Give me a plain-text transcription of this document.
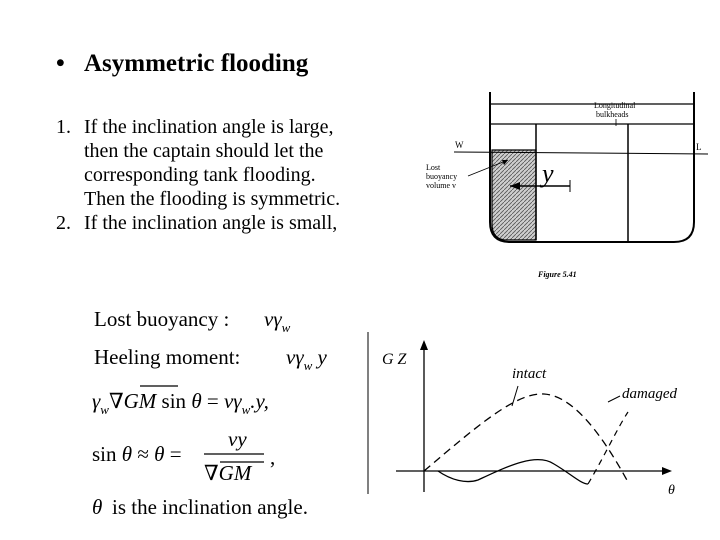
• Asymmetric flooding
1. If the inclination angle is large,
then the captain should let the
corresponding tank flooding.
Then the flooding is symmetric.
2. If the inclination angle is small,
Lost buoyancy : $v\gamma_w$
Heeling moment: $v\gamma_w$ y
$\gamma_w\nabla GM$ $\sin \theta = v\gamma_w.y$,
sin θ ≈ θ =
vy
∇GM
,
θ is the inclination angle.
W	L
Longitudinal
bulkheads
Lost
buoyancy
volume v	y
Figure 5.41
G Z
θ
intact
damaged
